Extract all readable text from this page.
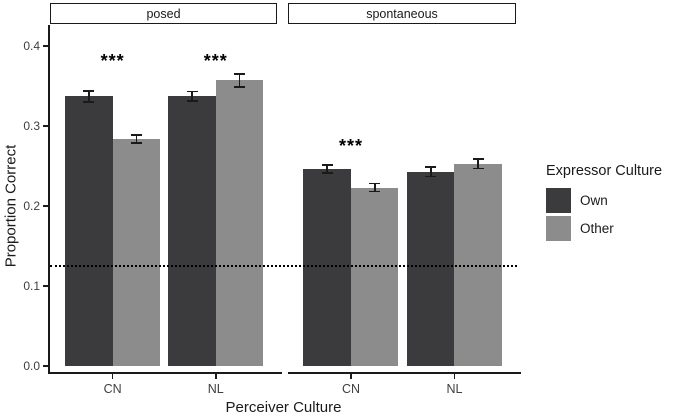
posed	spontaneous
Proportion Correct
Perceiver Culture
0.0
0.1
0.2
0.3
0.4
CN	NL
***	***
CN	NL
***
Expressor Culture
Own
Other
